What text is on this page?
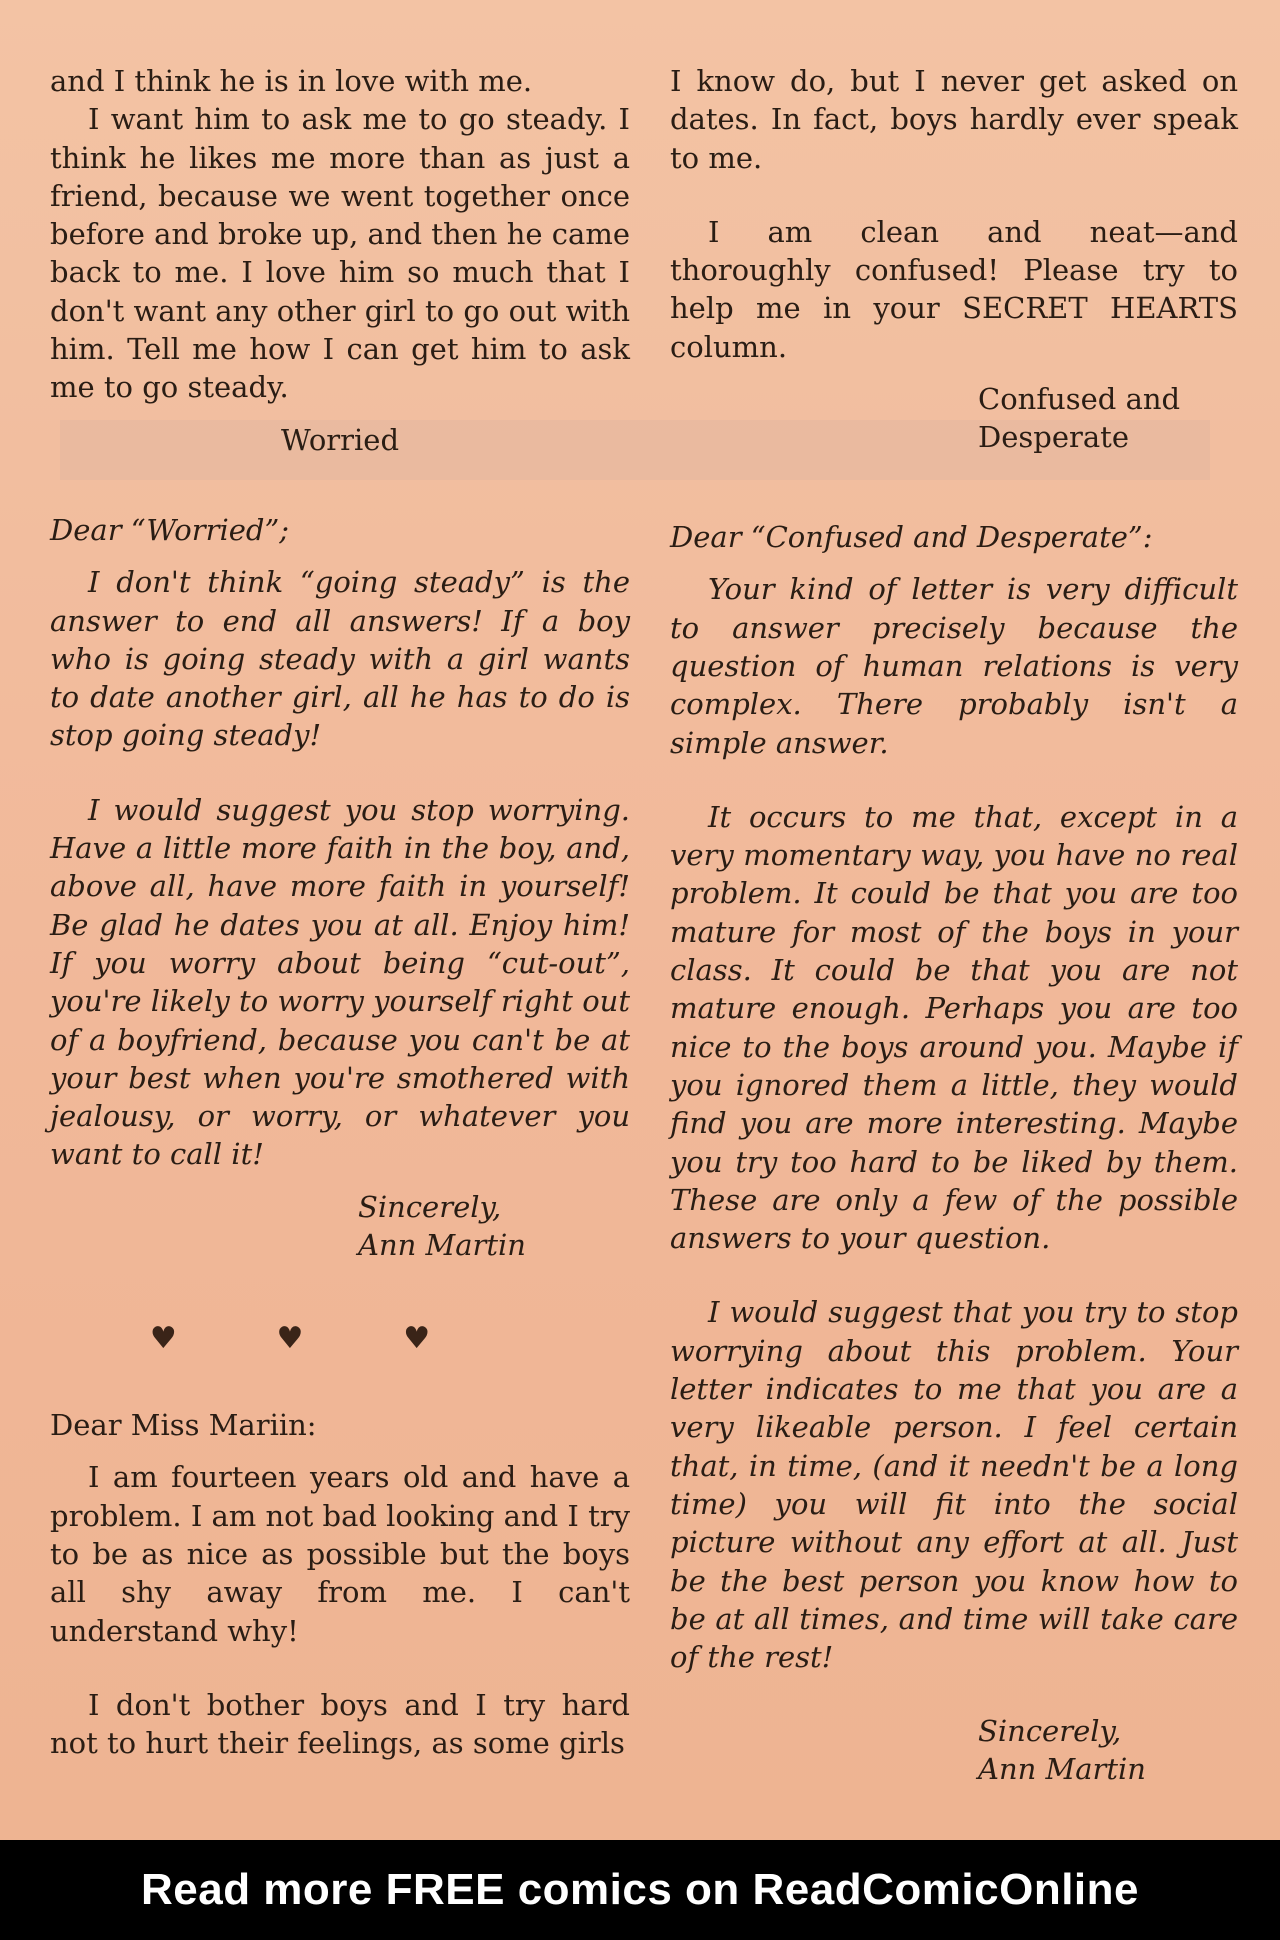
and I think he is in love with me.

I want him to ask me to go steady. I think he likes me more than as just a friend, because we went together once before and broke up, and then he came back to me. I love him so much that I don't want any other girl to go out with him. Tell me how I can get him to ask me to go steady.

Worried

Dear “Worried”;

I don't think “going steady” is the answer to end all answers! If a boy who is going steady with a girl wants to date another girl, all he has to do is stop going steady!

I would suggest you stop worrying. Have a little more faith in the boy, and, above all, have more faith in yourself! Be glad he dates you at all. Enjoy him! If you worry about being “cut-out”, you're likely to worry yourself right out of a boyfriend, because you can't be at your best when you're smothered with jealousy, or worry, or whatever you want to call it!

Sincerely,

Ann Martin

♥	♥	♥

Dear Miss Mariin:

I am fourteen years old and have a problem. I am not bad looking and I try to be as nice as possible but the boys all shy away from me. I can't understand why!

I don't bother boys and I try hard not to hurt their feelings, as some girls

I know do, but I never get asked on dates. In fact, boys hardly ever speak to me.

I am clean and neat—and thoroughly confused! Please try to help me in your SECRET HEARTS column.

Confused and

Desperate

Dear “Confused and Desperate”:

Your kind of letter is very difficult to answer precisely because the question of human relations is very complex. There probably isn't a simple answer.

It occurs to me that, except in a very momentary way, you have no real problem. It could be that you are too mature for most of the boys in your class. It could be that you are not mature enough. Perhaps you are too nice to the boys around you. Maybe if you ignored them a little, they would find you are more interesting. Maybe you try too hard to be liked by them. These are only a few of the possible answers to your question.

I would suggest that you try to stop worrying about this problem. Your letter indicates to me that you are a very likeable person. I feel certain that, in time, (and it needn't be a long time) you will fit into the social picture without any effort at all. Just be the best person you know how to be at all times, and time will take care of the rest!

Sincerely,

Ann Martin

Read more FREE comics on ReadComicOnline
